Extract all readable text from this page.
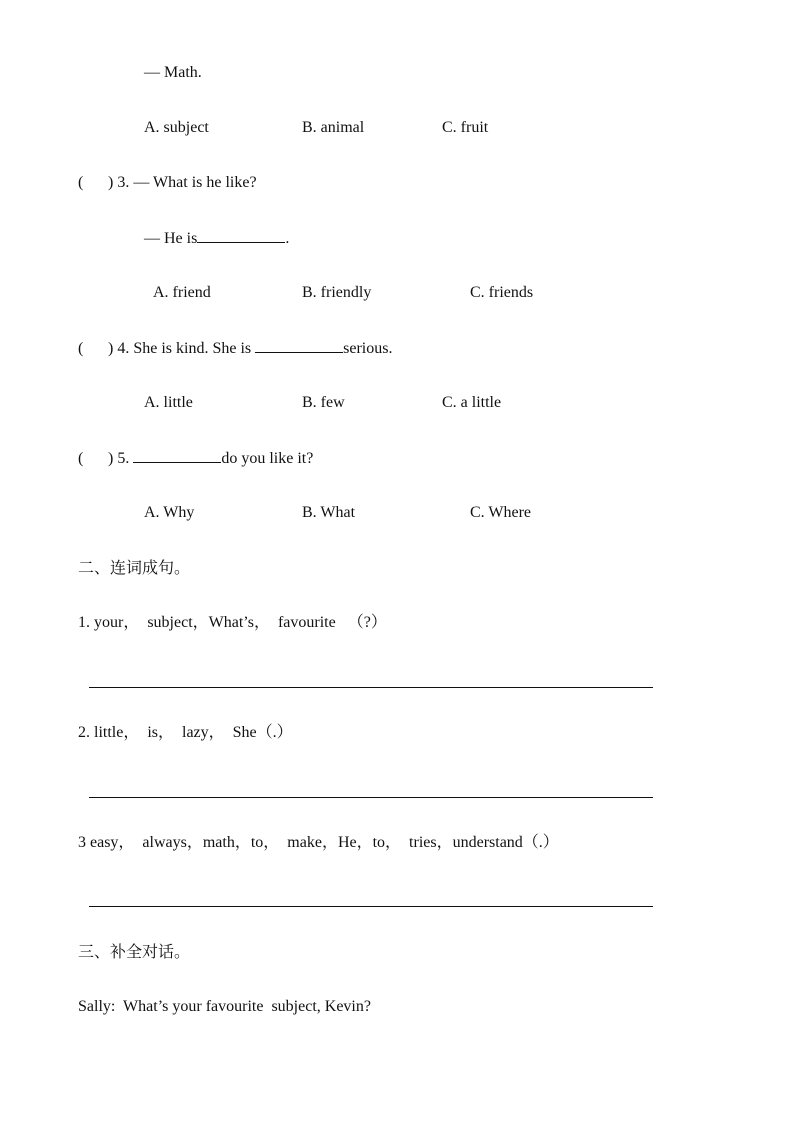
— Math.
A. subject	B. animal	C. fruit
( ) 3. — What is he like?
— He is	.
A. friend	B. friendly	C. friends
( ) 4. She is kind. She is	serious.
A. little	B. few	C. a little
( ) 5.	do you like it?
A. Why	B. What	C. Where
二、连词成句。
1. your，  subject，What’s，  favourite   （?）
2. little，  is，  lazy，  She（.）
3 easy，  always，math，to，  make，He，to，  tries，understand（.）
三、补全对话。
Sally:  What’s your favourite  subject, Kevin?
